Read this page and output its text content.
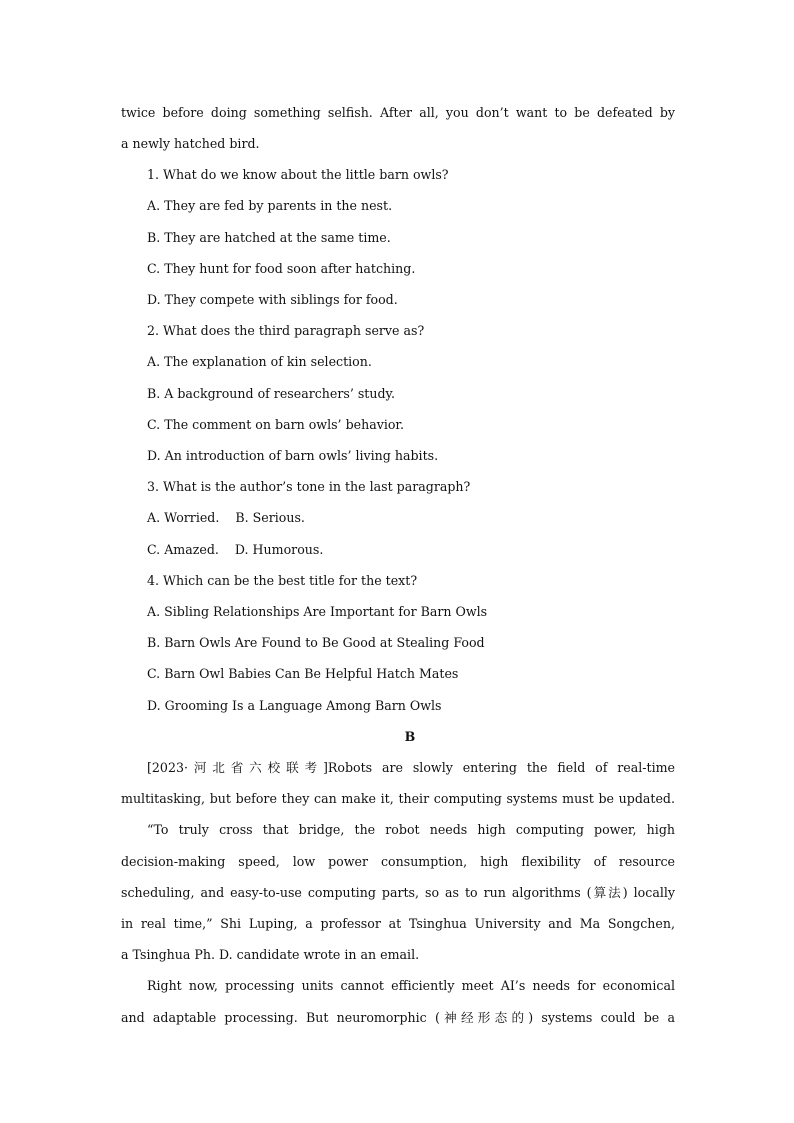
twice before doing something selfish. After all, you don’t want to be defeated by
a newly hatched bird.
1. What do we know about the little barn owls?
A. They are fed by parents in the nest.
B. They are hatched at the same time.
C. They hunt for food soon after hatching.
D. They compete with siblings for food.
2. What does the third paragraph serve as?
A. The explanation of kin selection.
B. A background of researchers’ study.
C. The comment on barn owls’ behavior.
D. An introduction of barn owls’ living habits.
3. What is the author’s tone in the last paragraph?
A. Worried.    B. Serious.
C. Amazed.    D. Humorous.
4. Which can be the best title for the text?
A. Sibling Relationships Are Important for Barn Owls
B. Barn Owls Are Found to Be Good at Stealing Food
C. Barn Owl Babies Can Be Helpful Hatch Mates
D. Grooming Is a Language Among Barn Owls
B
[2023·河北省六校联考]Robots are slowly entering the field of real-time
multitasking, but before they can make it, their computing systems must be updated.
“To truly cross that bridge, the robot needs high computing power, high
decision-making speed, low power consumption, high flexibility of resource
scheduling, and easy-to-use computing parts, so as to run algorithms (算法) locally
in real time,” Shi Luping, a professor at Tsinghua University and Ma Songchen,
a Tsinghua Ph. D. candidate wrote in an email.
Right now, processing units cannot efficiently meet AI’s needs for economical
and adaptable processing. But neuromorphic (神经形态的) systems could be a
